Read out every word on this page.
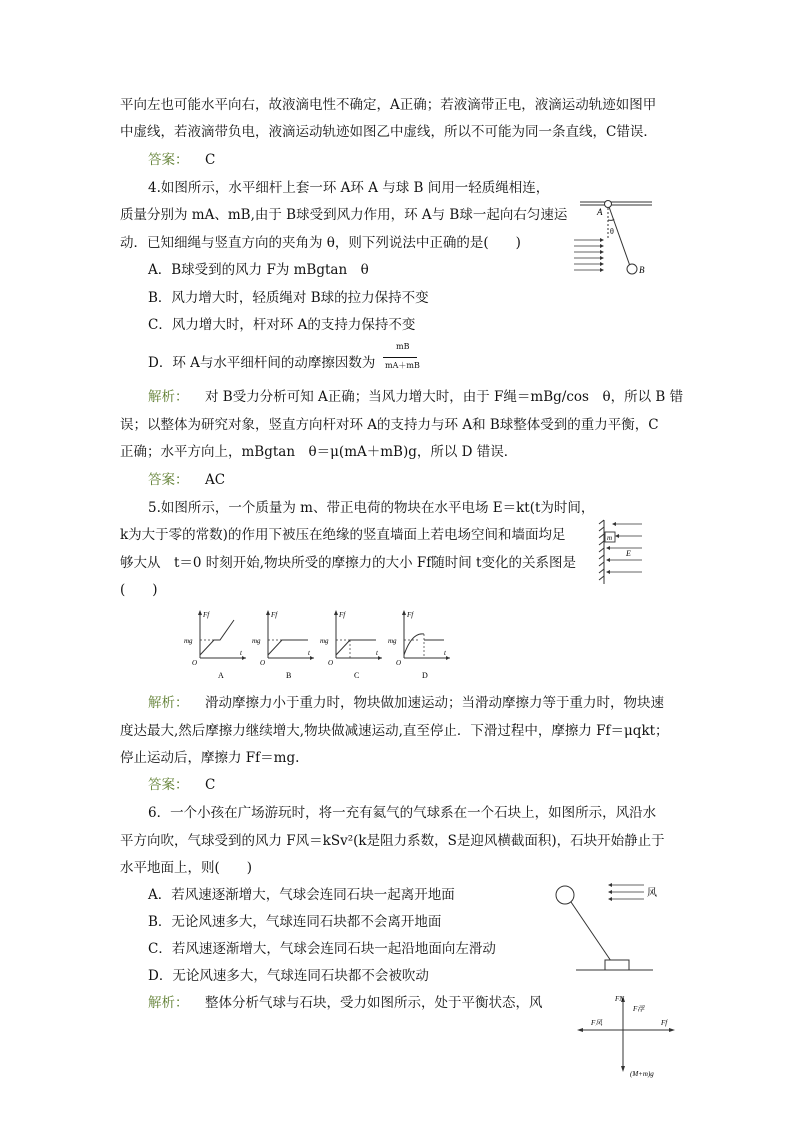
平向左也可能水平向右，故液滴电性不确定，A正确；若液滴带正电，液滴运动轨迹如图甲
中虚线，若液滴带负电，液滴运动轨迹如图乙中虚线，所以不可能为同一条直线，C错误．
答案： C
4.如图所示，水平细杆上套一环 A环 A 与球 B 间用一轻质绳相连，
质量分别为 mA、mB,由于 B球受到风力作用，环 A与 B球一起向右匀速运
动．已知细绳与竖直方向的夹角为 θ，则下列说法中正确的是(　　)
A．B球受到的风力 F为 mBgtan　θ
B．风力增大时，轻质绳对 B球的拉力保持不变
C．风力增大时，杆对环 A的支持力保持不变
D．环 A与水平细杆间的动摩擦因数为
mB
mA＋mB
解析： 对 B受力分析可知 A正确；当风力增大时，由于 F绳＝mBg/cos　θ，所以 B 错
误；以整体为研究对象，竖直方向杆对环 A的支持力与环 A和 B球整体受到的重力平衡，C
正确；水平方向上，mBgtan　θ＝μ(mA＋mB)g，所以 D 错误．
答案： AC
5.如图所示，一个质量为 m、带正电荷的物块在水平电场 E＝kt(t为时间，
k为大于零的常数)的作用下被压在绝缘的竖直墙面上若电场空间和墙面均足
够大从　t＝0 时刻开始,物块所受的摩擦力的大小 Ff随时间 t变化的关系图是
(　　)
解析： 滑动摩擦力小于重力时，物块做加速运动；当滑动摩擦力等于重力时，物块速
度达最大,然后摩擦力继续增大,物块做减速运动,直至停止．下滑过程中，摩擦力 Ff＝μqkt；
停止运动后，摩擦力 Ff＝mg.
答案： C
6．一个小孩在广场游玩时，将一充有氦气的气球系在一个石块上，如图所示，风沿水
平方向吹，气球受到的风力 F风＝kSv²(k是阻力系数，S是迎风横截面积)，石块开始静止于
水平地面上，则(　　)
A．若风速逐渐增大，气球会连同石块一起离开地面
B．无论风速多大，气球连同石块都不会离开地面
C．若风速逐渐增大，气球会连同石块一起沿地面向左滑动
D．无论风速多大，气球连同石块都不会被吹动
解析： 整体分析气球与石块，受力如图所示，处于平衡状态，风
A
θ
B
m
E
Ff
mg
t
O
A
Ff
mg
t
O
B
Ff
mg
t
O
C
Ff
mg
t
O
D
风
FN
F浮
F风	Ff
(M+m)g
